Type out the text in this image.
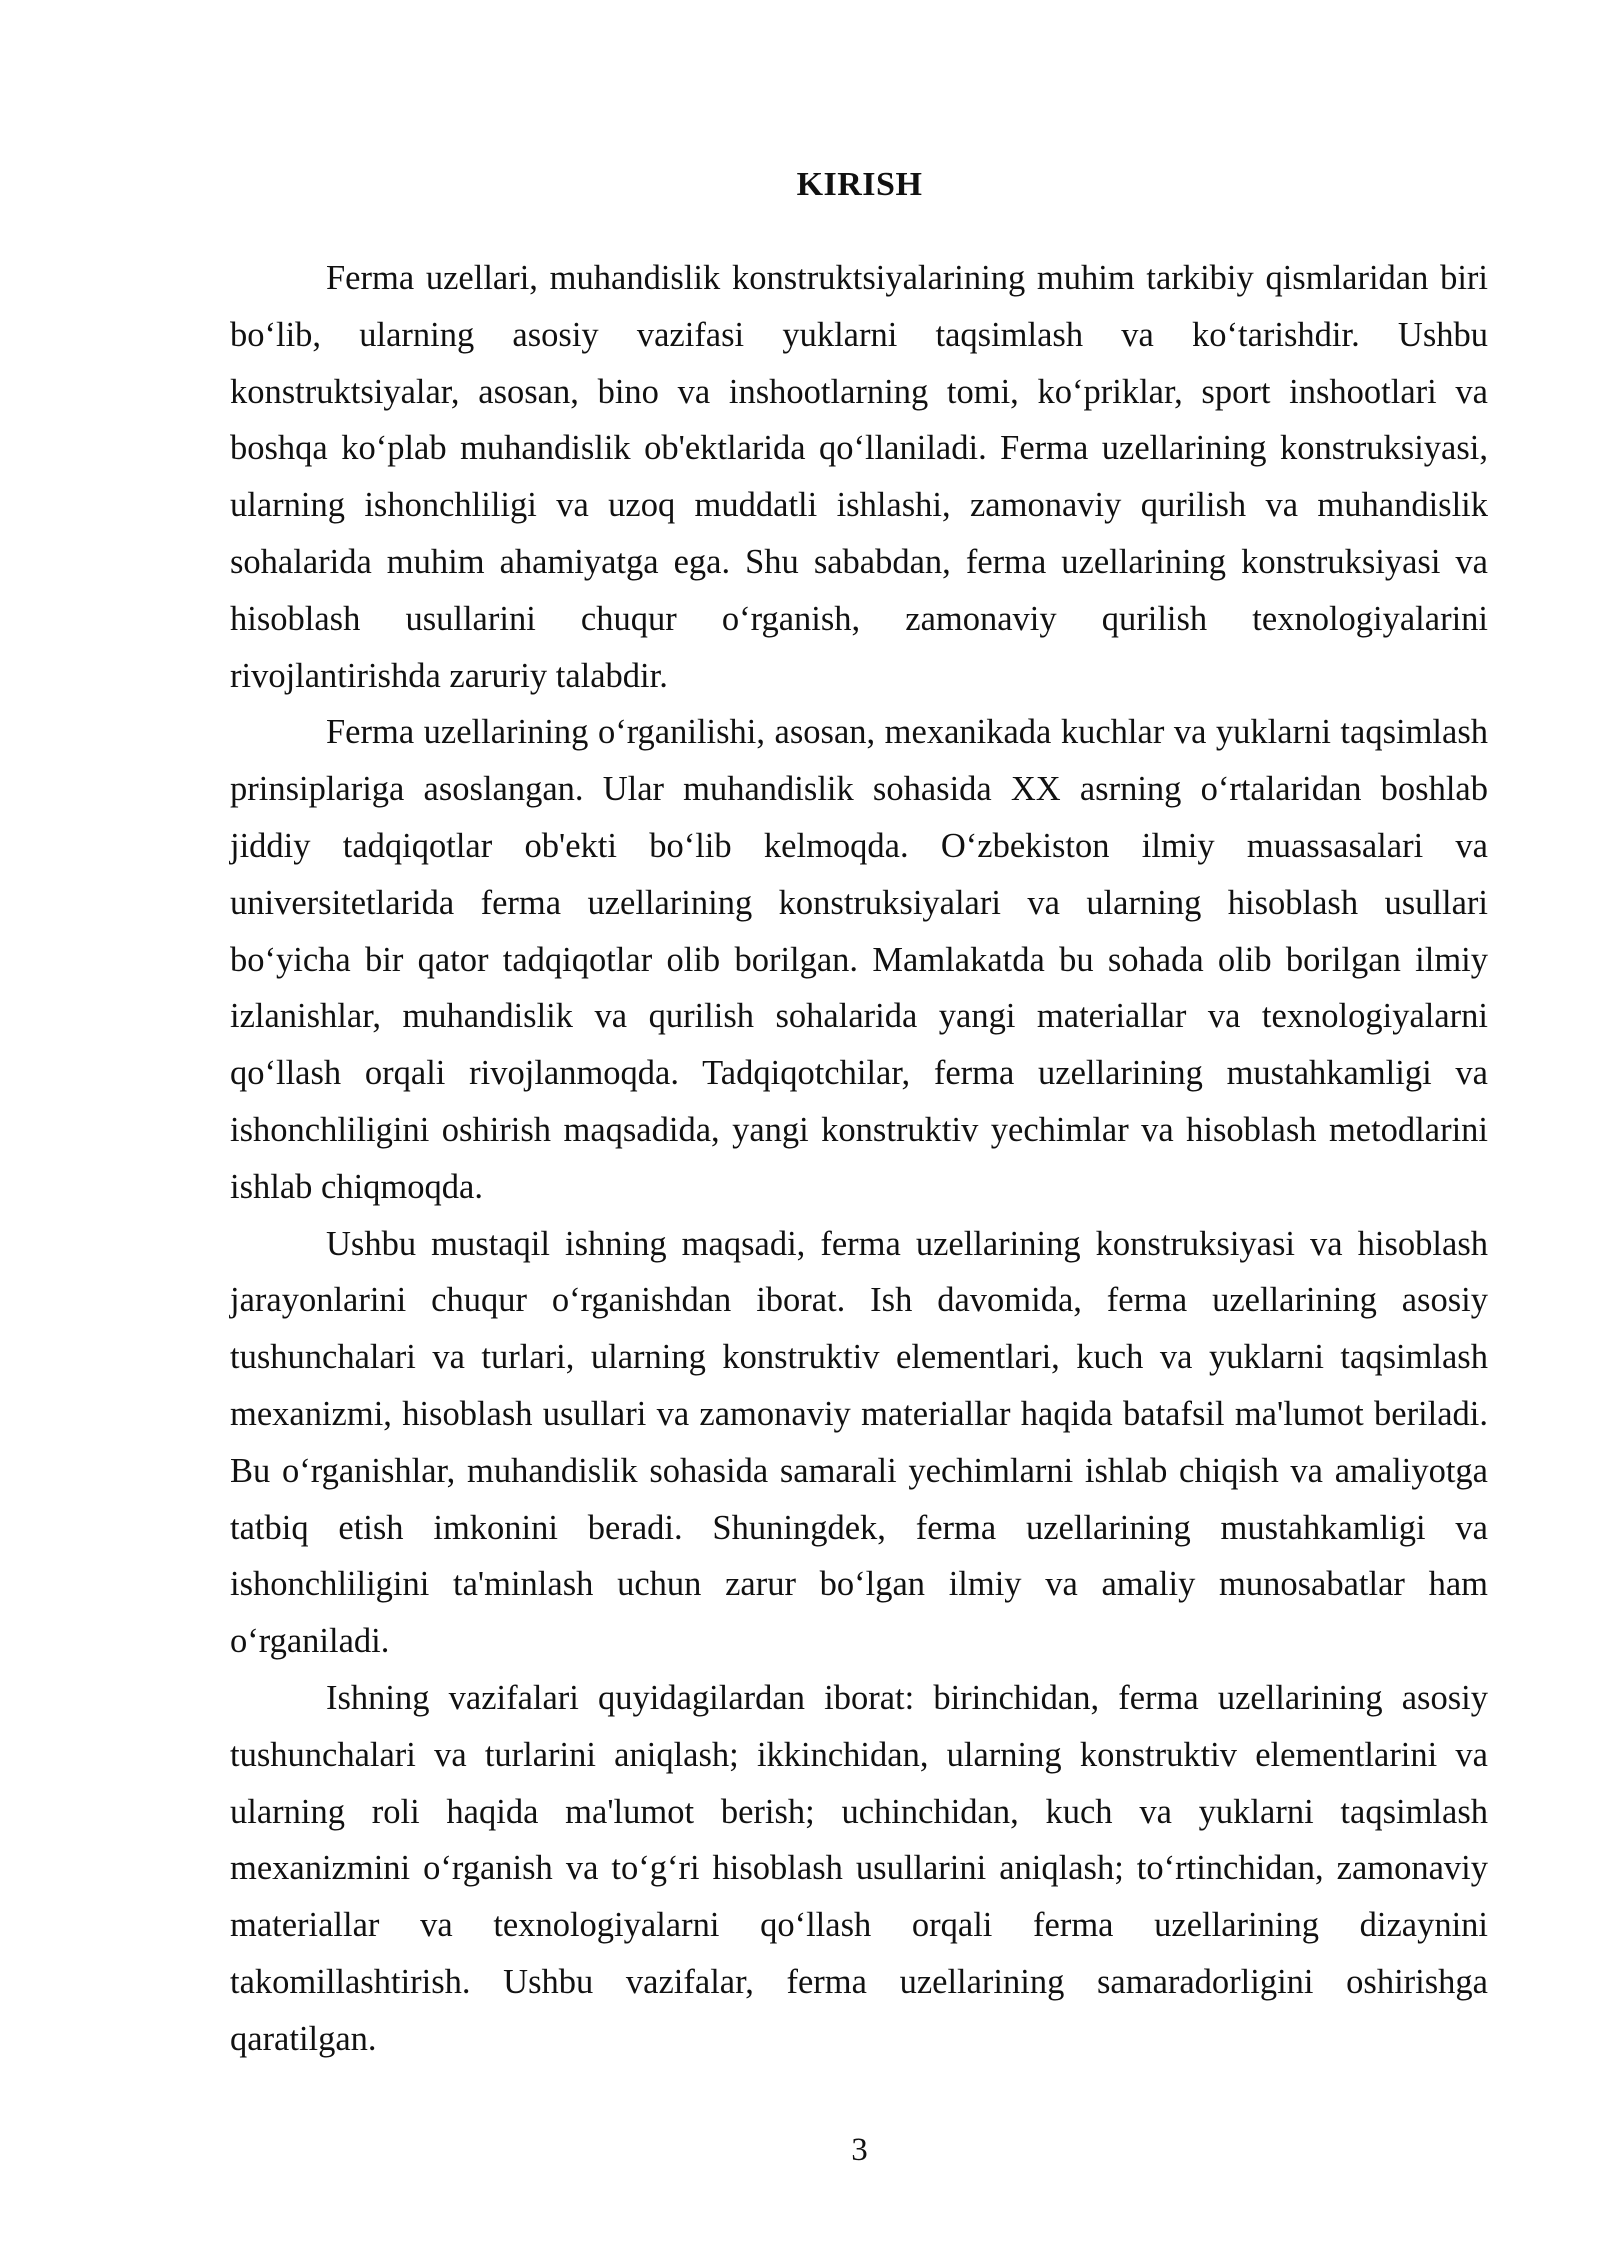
KIRISH

Ferma uzellari, muhandislik konstruktsiyalarining muhim tarkibiy qismlaridan biri bo‘lib, ularning asosiy vazifasi yuklarni taqsimlash va ko‘tarishdir. Ushbu konstruktsiyalar, asosan, bino va inshootlarning tomi, ko‘priklar, sport inshootlari va boshqa ko‘plab muhandislik ob'ektlarida qo‘llaniladi. Ferma uzellarining konstruksiyasi, ularning ishonchliligi va uzoq muddatli ishlashi, zamonaviy qurilish va muhandislik sohalarida muhim ahamiyatga ega. Shu sababdan, ferma uzellarining konstruksiyasi va hisoblash usullarini chuqur o‘rganish, zamonaviy qurilish texnologiyalarini rivojlantirishda zaruriy talabdir.

Ferma uzellarining o‘rganilishi, asosan, mexanikada kuchlar va yuklarni taqsimlash prinsiplariga asoslangan. Ular muhandislik sohasida XX asrning o‘rtalaridan boshlab jiddiy tadqiqotlar ob'ekti bo‘lib kelmoqda. O‘zbekiston ilmiy muassasalari va universitetlarida ferma uzellarining konstruksiyalari va ularning hisoblash usullari bo‘yicha bir qator tadqiqotlar olib borilgan. Mamlakatda bu sohada olib borilgan ilmiy izlanishlar, muhandislik va qurilish sohalarida yangi materiallar va texnologiyalarni qo‘llash orqali rivojlanmoqda. Tadqiqotchilar, ferma uzellarining mustahkamligi va ishonchliligini oshirish maqsadida, yangi konstruktiv yechimlar va hisoblash metodlarini ishlab chiqmoqda.

Ushbu mustaqil ishning maqsadi, ferma uzellarining konstruksiyasi va hisoblash jarayonlarini chuqur o‘rganishdan iborat. Ish davomida, ferma uzellarining asosiy tushunchalari va turlari, ularning konstruktiv elementlari, kuch va yuklarni taqsimlash mexanizmi, hisoblash usullari va zamonaviy materiallar haqida batafsil ma'lumot beriladi. Bu o‘rganishlar, muhandislik sohasida samarali yechimlarni ishlab chiqish va amaliyotga tatbiq etish imkonini beradi. Shuningdek, ferma uzellarining mustahkamligi va ishonchliligini ta'minlash uchun zarur bo‘lgan ilmiy va amaliy munosabatlar ham o‘rganiladi.

Ishning vazifalari quyidagilardan iborat: birinchidan, ferma uzellarining asosiy tushunchalari va turlarini aniqlash; ikkinchidan, ularning konstruktiv elementlarini va ularning roli haqida ma'lumot berish; uchinchidan, kuch va yuklarni taqsimlash mexanizmini o‘rganish va to‘g‘ri hisoblash usullarini aniqlash; to‘rtinchidan, zamonaviy materiallar va texnologiyalarni qo‘llash orqali ferma uzellarining dizaynini takomillashtirish. Ushbu vazifalar, ferma uzellarining samaradorligini oshirishga qaratilgan.

3
